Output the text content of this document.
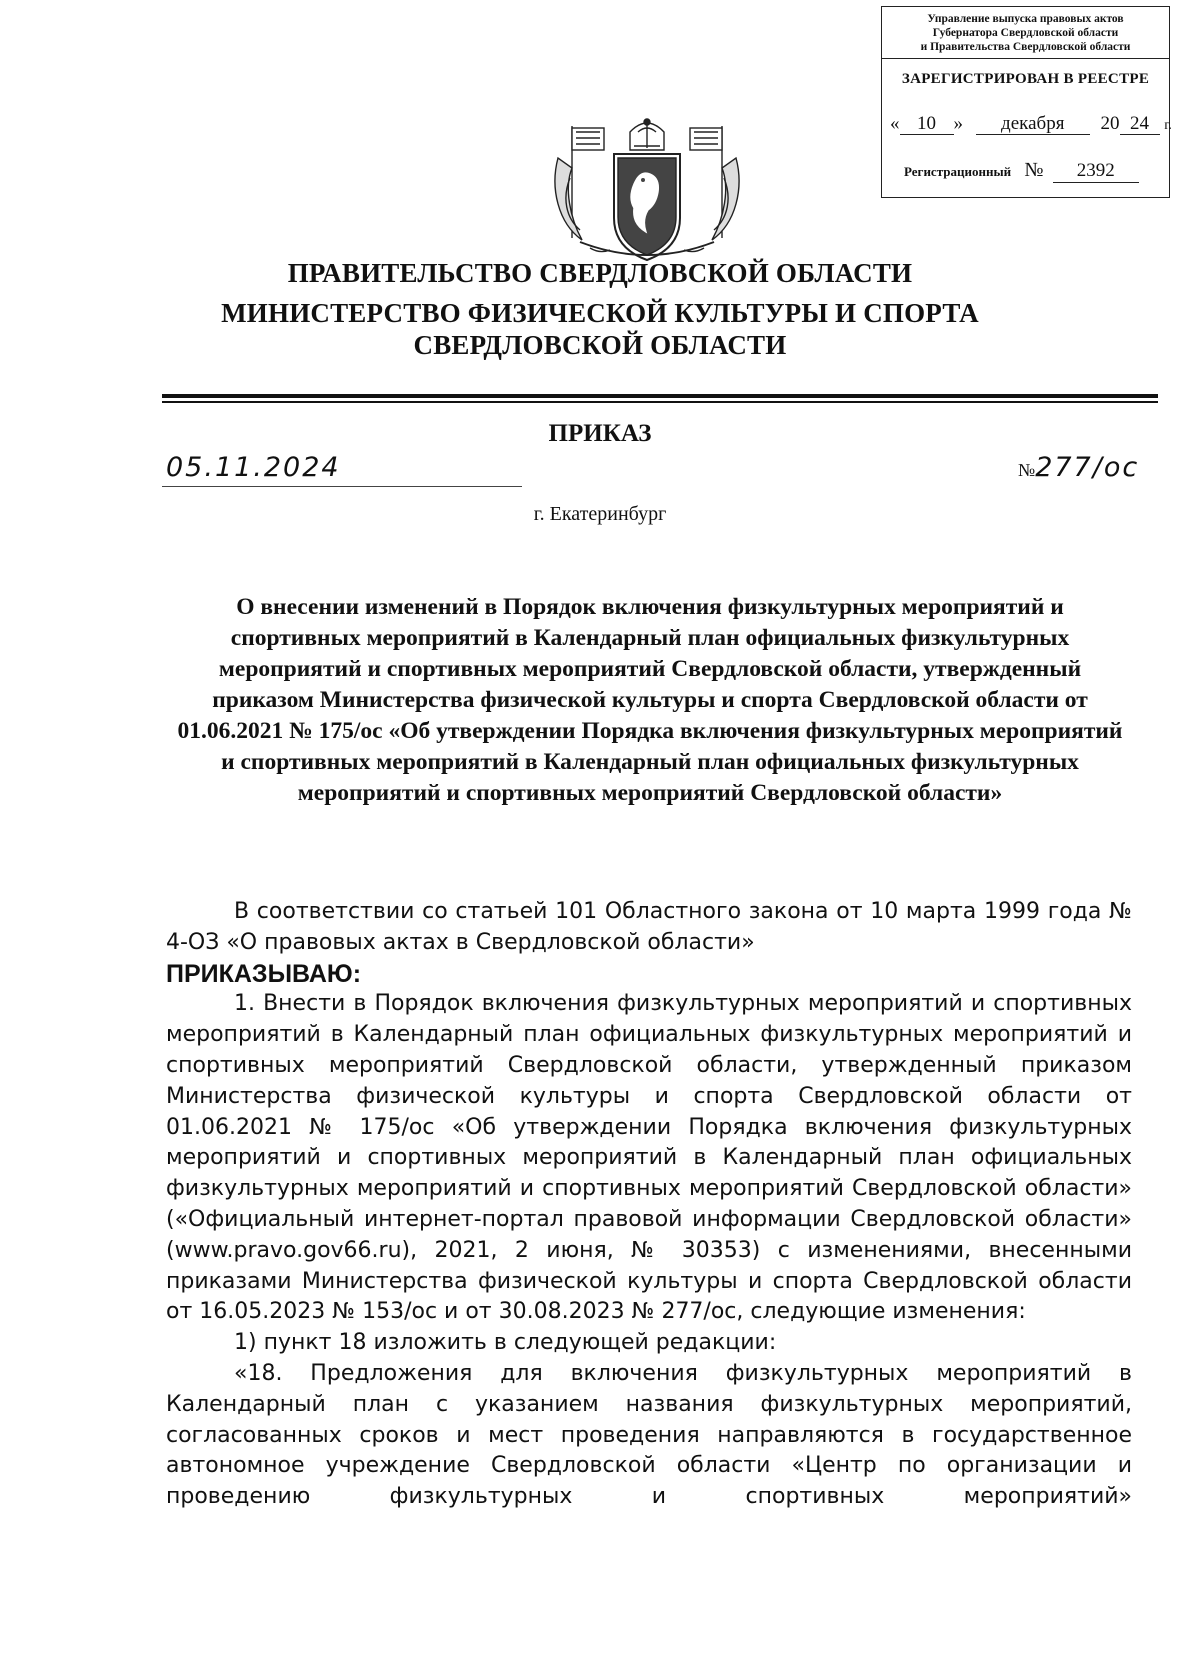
Управление выпуска правовых актов
Губернатора Свердловской области
и Правительства Свердловской области
ЗАРЕГИСТРИРОВАН В РЕЕСТРЕ
« 10 » декабря 20 24 г.
Регистрационный № 2392
ПРАВИТЕЛЬСТВО СВЕРДЛОВСКОЙ ОБЛАСТИ
МИНИСТЕРСТВО ФИЗИЧЕСКОЙ КУЛЬТУРЫ И СПОРТА
СВЕРДЛОВСКОЙ ОБЛАСТИ
ПРИКАЗ
05.11.2024	№277/ос
г. Екатеринбург
О внесении изменений в Порядок включения физкультурных мероприятий и спортивных мероприятий в Календарный план официальных физкультурных мероприятий и спортивных мероприятий Свердловской области, утвержденный приказом Министерства физической культуры и спорта Свердловской области от 01.06.2021 № 175/ос «Об утверждении Порядка включения физкультурных мероприятий и спортивных мероприятий в Календарный план официальных физкультурных мероприятий и спортивных мероприятий Свердловской области»

В соответствии со статьей 101 Областного закона от 10 марта 1999 года № 4-ОЗ «О правовых актах в Свердловской области»

ПРИКАЗЫВАЮ:

1. Внести в Порядок включения физкультурных мероприятий и спортивных мероприятий в Календарный план официальных физкультурных мероприятий и спортивных мероприятий Свердловской области, утвержденный приказом Министерства физической культуры и спорта Свердловской области от 01.06.2021 № 175/ос «Об утверждении Порядка включения физкультурных мероприятий и спортивных мероприятий в Календарный план официальных физкультурных мероприятий и спортивных мероприятий Свердловской области» («Официальный интернет-портал правовой информации Свердловской области» (www.pravo.gov66.ru), 2021, 2 июня, № 30353) с изменениями, внесенными приказами Министерства физической культуры и спорта Свердловской области от 16.05.2023 № 153/ос и от 30.08.2023 № 277/ос, следующие изменения:

1) пункт 18 изложить в следующей редакции:

«18. Предложения для включения физкультурных мероприятий в Календарный план с указанием названия физкультурных мероприятий, согласованных сроков и мест проведения направляются в государственное автономное учреждение Свердловской области «Центр по организации и проведению физкультурных и спортивных мероприятий»
